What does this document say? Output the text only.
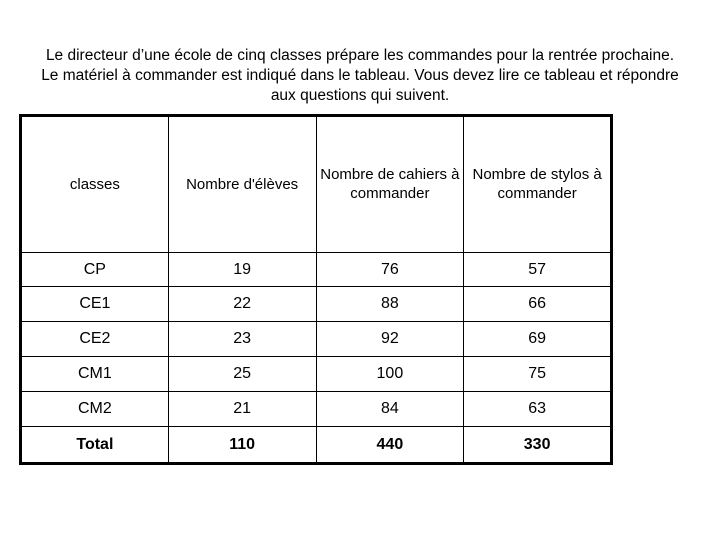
Le directeur d’une école de cinq classes prépare les commandes pour la rentrée prochaine. Le matériel à commander est indiqué dans le tableau. Vous devez lire ce tableau et répondre aux questions qui suivent.
classes	Nombre d'élèves	Nombre de cahiers à commander	Nombre de stylos à commander
CP	19	76	57
CE1	22	88	66
CE2	23	92	69
CM1	25	100	75
CM2	21	84	63
Total	110	440	330
